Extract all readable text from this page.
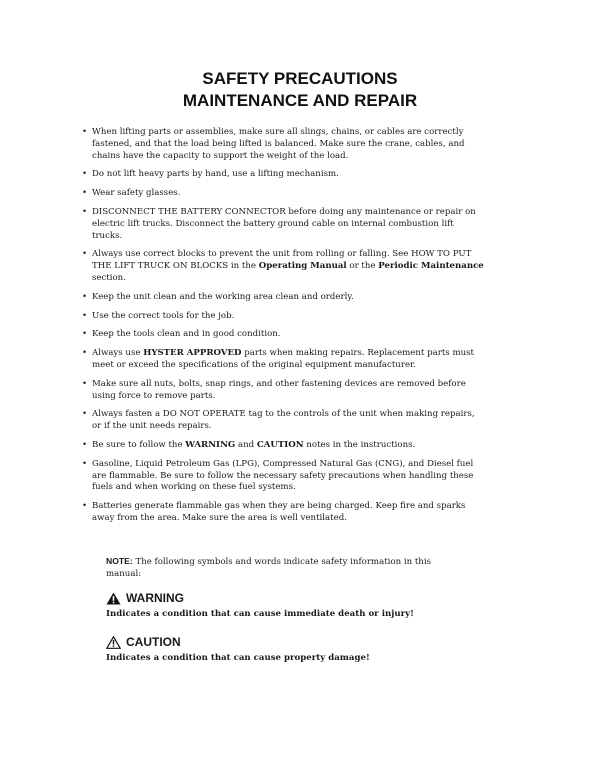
SAFETY PRECAUTIONS
MAINTENANCE AND REPAIR
• When lifting parts or assemblies, make sure all slings, chains, or cables are correctly fastened, and that the load being lifted is balanced. Make sure the crane, cables, and chains have the capacity to support the weight of the load.
• Do not lift heavy parts by hand, use a lifting mechanism.
• Wear safety glasses.
• DISCONNECT THE BATTERY CONNECTOR before doing any maintenance or repair on electric lift trucks. Disconnect the battery ground cable on internal combustion lift trucks.
• Always use correct blocks to prevent the unit from rolling or falling. See HOW TO PUT THE LIFT TRUCK ON BLOCKS in the Operating Manual or the Periodic Maintenance section.
• Keep the unit clean and the working area clean and orderly.
• Use the correct tools for the job.
• Keep the tools clean and in good condition.
• Always use HYSTER APPROVED parts when making repairs. Replacement parts must meet or exceed the specifications of the original equipment manufacturer.
• Make sure all nuts, bolts, snap rings, and other fastening devices are removed before using force to remove parts.
• Always fasten a DO NOT OPERATE tag to the controls of the unit when making repairs, or if the unit needs repairs.
• Be sure to follow the WARNING and CAUTION notes in the instructions.
• Gasoline, Liquid Petroleum Gas (LPG), Compressed Natural Gas (CNG), and Diesel fuel are flammable. Be sure to follow the necessary safety precautions when handling these fuels and when working on these fuel systems.
• Batteries generate flammable gas when they are being charged. Keep fire and sparks away from the area. Make sure the area is well ventilated.
NOTE: The following symbols and words indicate safety information in this manual:
WARNING
Indicates a condition that can cause immediate death or injury!
CAUTION
Indicates a condition that can cause property damage!
